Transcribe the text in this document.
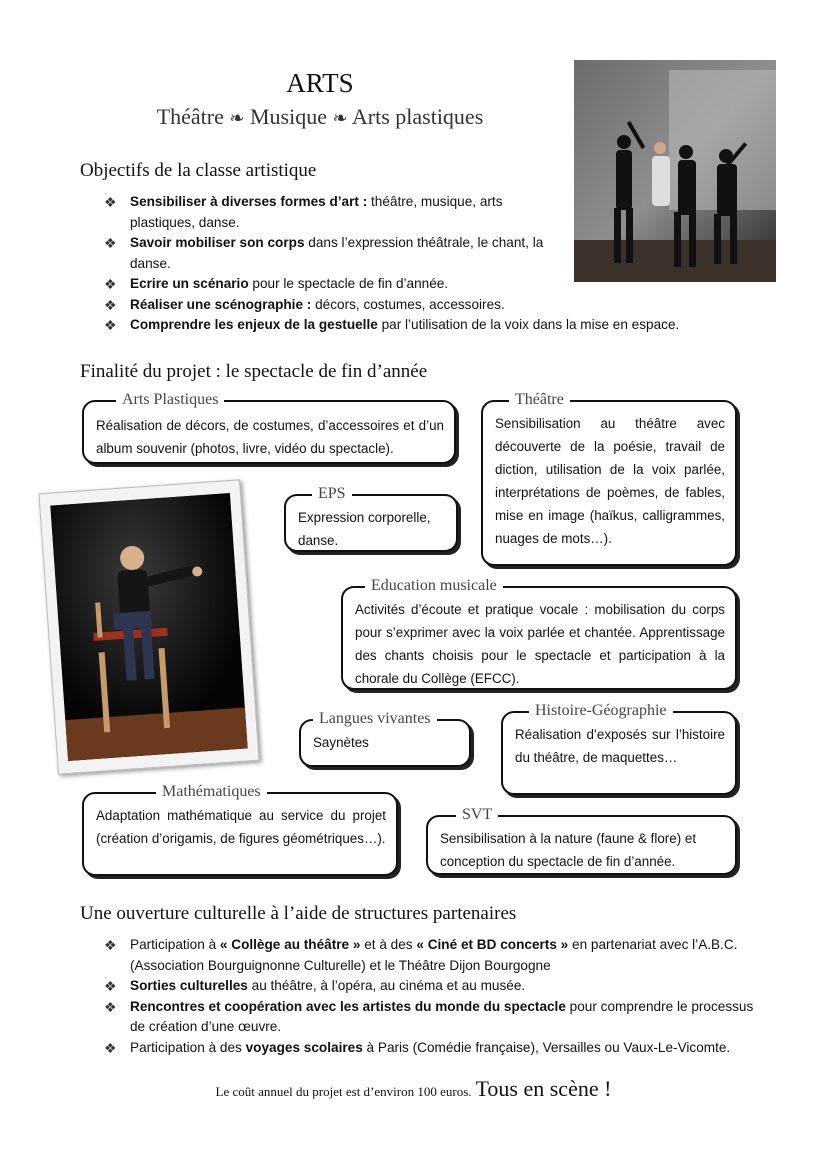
ARTS
Théâtre ❧ Musique ❧ Arts plastiques
Objectifs de la classe artistique
❖ Sensibiliser à diverses formes d’art : théâtre, musique, arts plastiques, danse.
❖ Savoir mobiliser son corps dans l’expression théâtrale, le chant, la danse.
❖ Ecrire un scénario pour le spectacle de fin d’année.
❖ Réaliser une scénographie : décors, costumes, accessoires.
❖ Comprendre les enjeux de la gestuelle par l’utilisation de la voix dans la mise en espace.
Finalité du projet : le spectacle de fin d’année
Arts Plastiques
Réalisation de décors, de costumes, d’accessoires et d’un album souvenir (photos, livre, vidéo du spectacle).
Théâtre
Sensibilisation au théâtre avec découverte de la poésie, travail de diction, utilisation de la voix parlée, interprétations de poèmes, de fables, mise en image (haïkus, calligrammes, nuages de mots…).
EPS
Expression corporelle, danse.
Education musicale
Activités d’écoute et pratique vocale : mobilisation du corps pour s’exprimer avec la voix parlée et chantée. Apprentissage des chants choisis pour le spectacle et participation à la chorale du Collège (EFCC).
Langues vivantes
Saynètes
Histoire-Géographie
Réalisation d’exposés sur l’histoire du théâtre, de maquettes…
Mathématiques
Adaptation mathématique au service du projet (création d’origamis, de figures géométriques…).
SVT
Sensibilisation à la nature (faune & flore) et conception du spectacle de fin d’année.
Une ouverture culturelle à l’aide de structures partenaires
❖ Participation à « Collège au théâtre » et à des « Ciné et BD concerts » en partenariat avec l’A.B.C. (Association Bourguignonne Culturelle) et le Théâtre Dijon Bourgogne
❖ Sorties culturelles au théâtre, à l’opéra, au cinéma et au musée.
❖ Rencontres et coopération avec les artistes du monde du spectacle pour comprendre le processus de création d’une œuvre.
❖ Participation à des voyages scolaires à Paris (Comédie française), Versailles ou Vaux-Le-Vicomte.
Le coût annuel du projet est d’environ 100 euros. Tous en scène !
